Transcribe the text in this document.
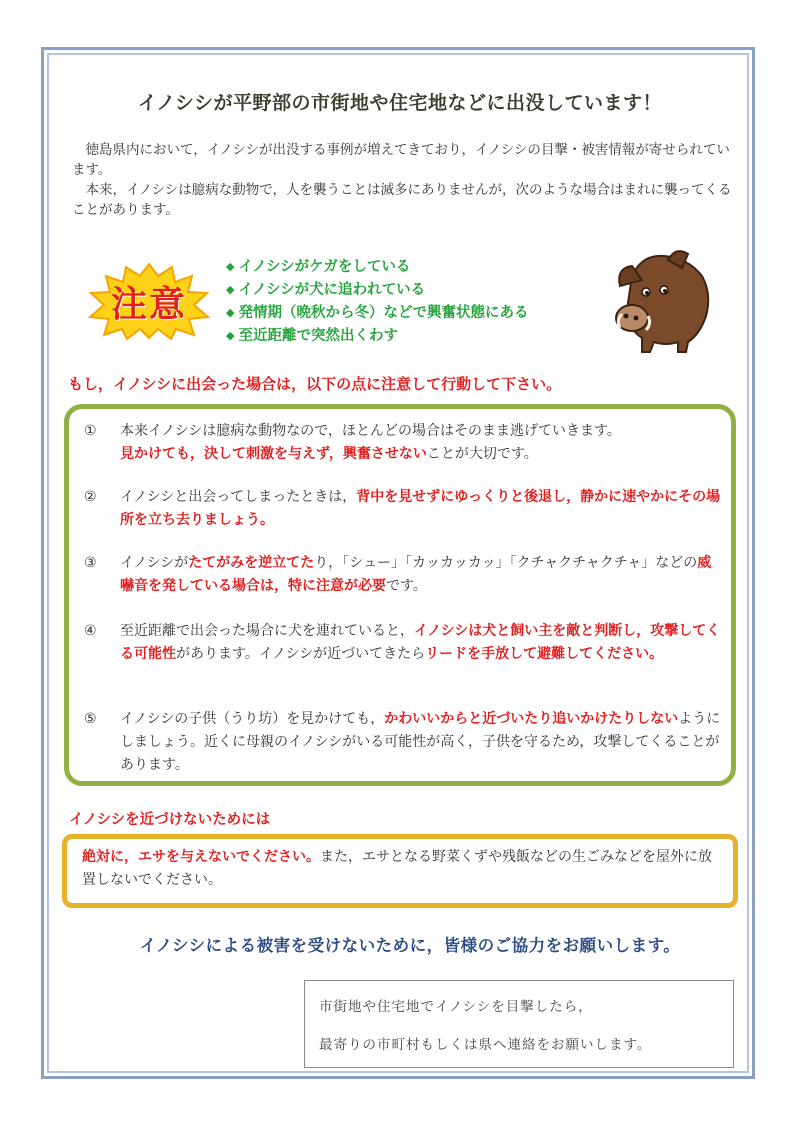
イノシシが平野部の市街地や住宅地などに出没しています！

徳島県内において，イノシシが出没する事例が増えてきており，イノシシの目撃・被害情報が寄せられています。

本来，イノシシは臆病な動物で，人を襲うことは滅多にありませんが，次のような場合はまれに襲ってくることがあります。

注意
◆ イノシシがケガをしている
◆ イノシシが犬に追われている
◆ 発情期（晩秋から冬）などで興奮状態にある
◆ 至近距離で突然出くわす
もし，イノシシに出会った場合は，以下の点に注意して行動して下さい。
①	本来イノシシは臆病な動物なので，ほとんどの場合はそのまま逃げていきます。
見かけても，決して刺激を与えず，興奮させないことが大切です。
②	イノシシと出会ってしまったときは，背中を見せずにゆっくりと後退し，静かに速やかにその場所を立ち去りましょう。
③	イノシシがたてがみを逆立てたり，「シュー」「カッカッカッ」「クチャクチャクチャ」などの威嚇音を発している場合は，特に注意が必要です。
④	至近距離で出会った場合に犬を連れていると，イノシシは犬と飼い主を敵と判断し，攻撃してくる可能性があります。イノシシが近づいてきたらリードを手放して避難してください。
⑤	イノシシの子供（うり坊）を見かけても，かわいいからと近づいたり追いかけたりしないようにしましょう。近くに母親のイノシシがいる可能性が高く，子供を守るため，攻撃してくることがあります。
イノシシを近づけないためには
絶対に，エサを与えないでください。また，エサとなる野菜くずや残飯などの生ごみなどを屋外に放置しないでください。
イノシシによる被害を受けないために，皆様のご協力をお願いします。
市街地や住宅地でイノシシを目撃したら，
最寄りの市町村もしくは県へ連絡をお願いします。
